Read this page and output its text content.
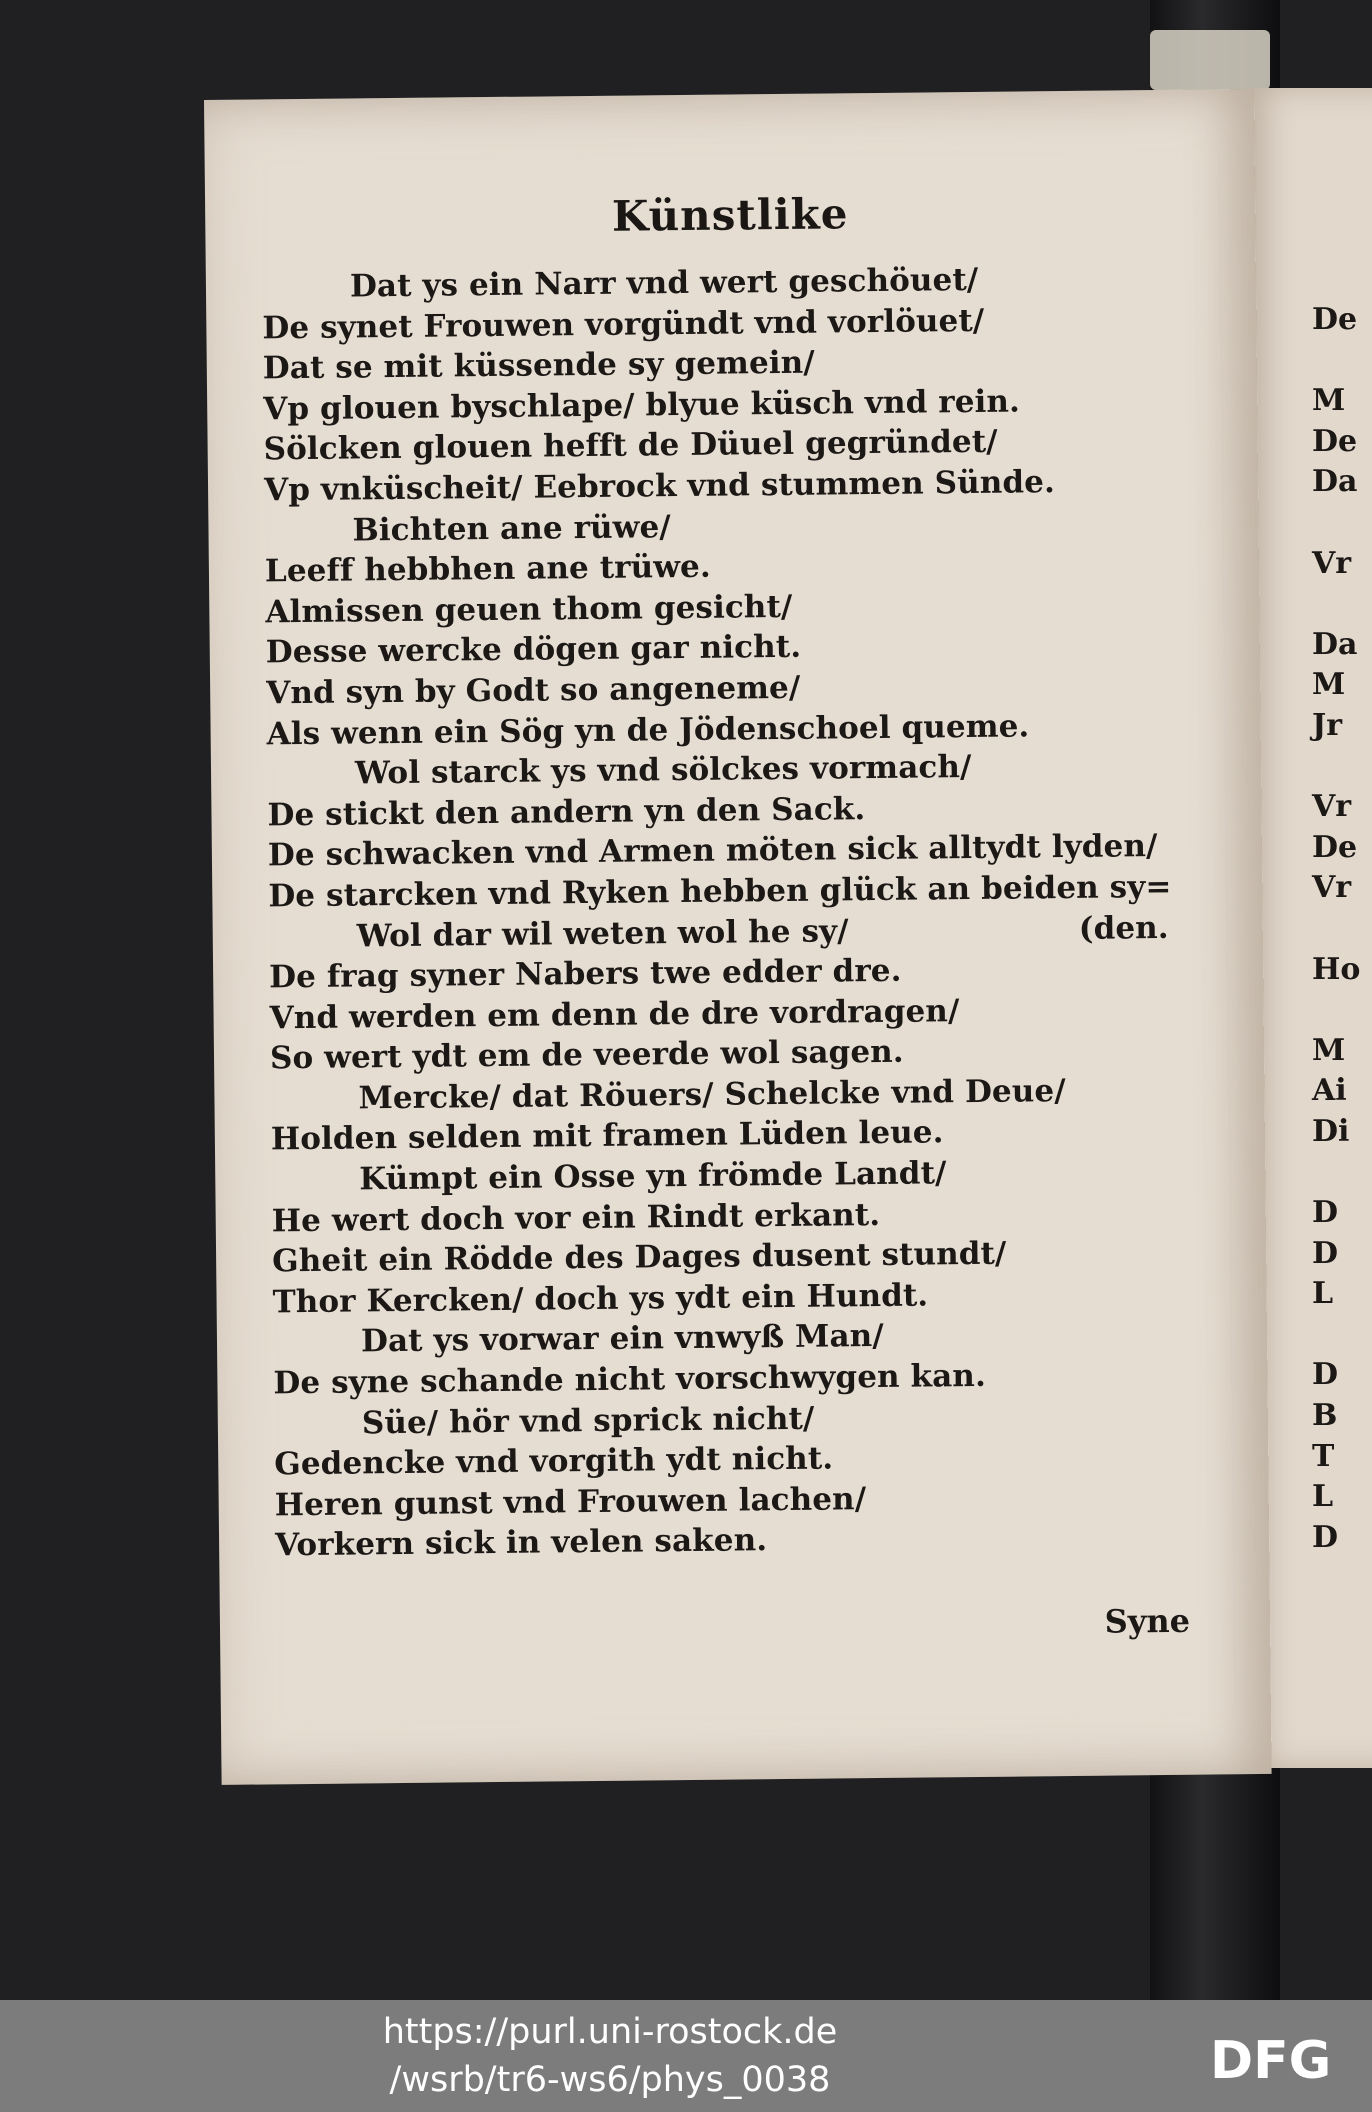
De
M
De
Da
Vr
Da
M
Jr
Vr
De
Vr
Ho
M
Ai
Di
D
D
L
D
B
T
L
D
Künstlike
Dat ys ein Narr vnd wert geschöuet/
De synet Frouwen vorgündt vnd vorlöuet/
Dat se mit küssende sy gemein/
Vp glouen byschlape/ blyue küsch vnd rein.
Sölcken glouen hefft de Düuel gegründet/
Vp vnküscheit/ Eebrock vnd stummen Sünde.
Bichten ane rüwe/
Leeff hebbhen ane trüwe.
Almissen geuen thom gesicht/
Desse wercke dögen gar nicht.
Vnd syn by Godt so angeneme/
Als wenn ein Sög yn de Jödenschoel queme.
Wol starck ys vnd sölckes vormach/
De stickt den andern yn den Sack.
De schwacken vnd Armen möten sick alltydt lyden/
De starcken vnd Ryken hebben glück an beiden sy=
Wol dar wil weten wol he sy/	(den.
De frag syner Nabers twe edder dre.
Vnd werden em denn de dre vordragen/
So wert ydt em de veerde wol sagen.
Mercke/ dat Röuers/ Schelcke vnd Deue/
Holden selden mit framen Lüden leue.
Kümpt ein Osse yn frömde Landt/
He wert doch vor ein Rindt erkant.
Gheit ein Rödde des Dages dusent stundt/
Thor Kercken/ doch ys ydt ein Hundt.
Dat ys vorwar ein vnwyß Man/
De syne schande nicht vorschwygen kan.
Süe/ hör vnd sprick nicht/
Gedencke vnd vorgith ydt nicht.
Heren gunst vnd Frouwen lachen/
Vorkern sick in velen saken.
Syne
https://purl.uni-rostock.de
/wsrb/tr6-ws6/phys_0038	DFG
